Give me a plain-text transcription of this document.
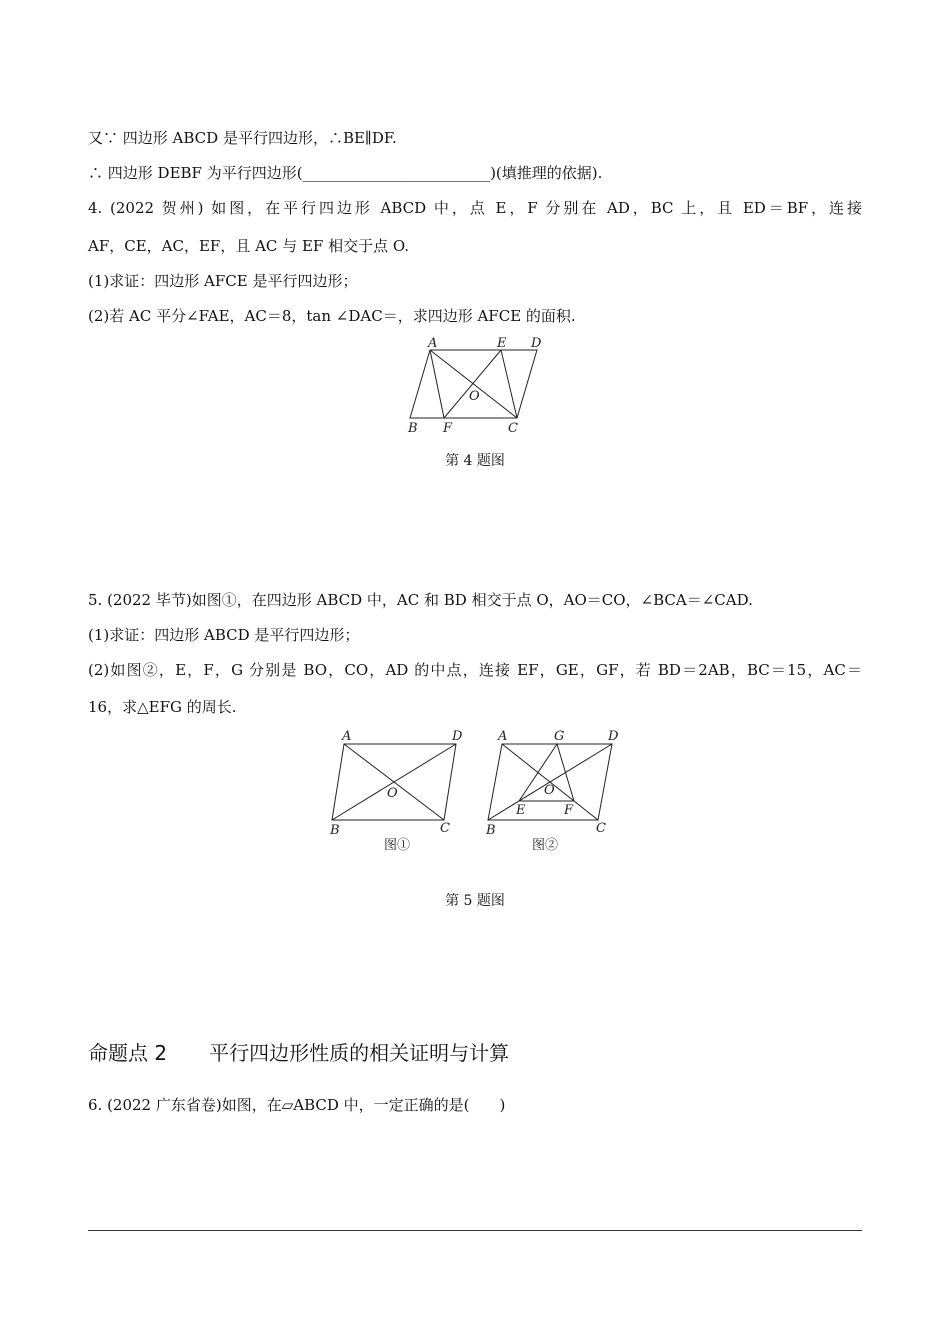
又∵ 四边形 ABCD 是平行四边形，∴BE∥DF.
∴ 四边形 DEBF 为平行四边形(_________________________)(填推理的依据).
4. (2022 贺州) 如图，在平行四边形 ABCD 中，点 E，F 分别在 AD，BC 上，且 ED＝BF，连接
AF，CE，AC，EF，且 AC 与 EF 相交于点 O.
(1)求证：四边形 AFCE 是平行四边形；
(2)若 AC 平分∠FAE，AC＝8，tan ∠DAC＝，求四边形 AFCE 的面积.
A	E D
O
B F	C
第 4 题图
5. (2022 毕节)如图①，在四边形 ABCD 中，AC 和 BD 相交于点 O，AO＝CO，∠BCA＝∠CAD.
(1)求证：四边形 ABCD 是平行四边形；
(2)如图②，E，F，G 分别是 BO，CO，AD 的中点，连接 EF，GE，GF，若 BD＝2AB，BC＝15，AC＝
16，求△EFG 的周长.
A	D
O
B	C
图①
A	G	D
O
E	F
B	C
图②
第 5 题图
命题点 2 平行四边形性质的相关证明与计算
6. (2022 广东省卷)如图，在▱ABCD 中，一定正确的是(　　)
